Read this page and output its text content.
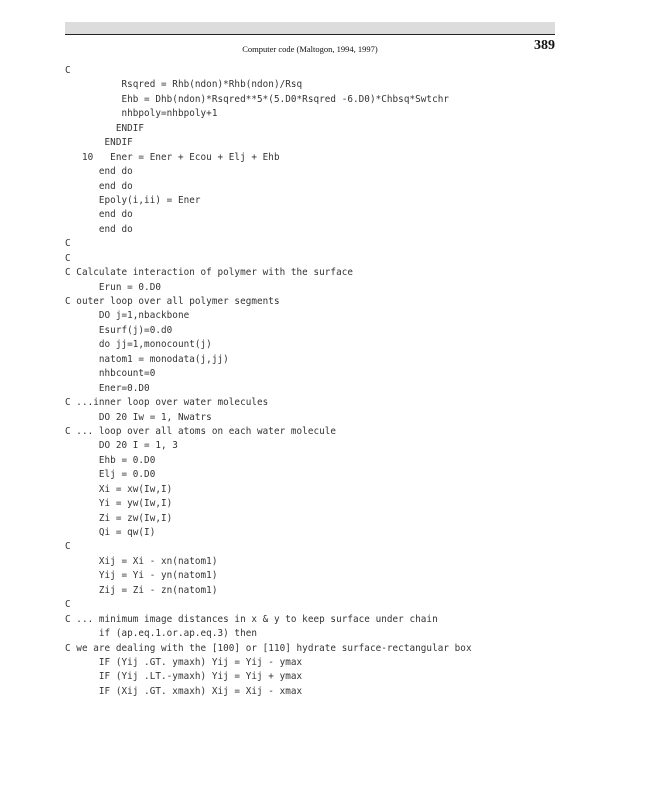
Computer code (Maltogon, 1994, 1997)	389
C
Rsqred = Rhb(ndon)*Rhb(ndon)/Rsq
Ehb = Dhb(ndon)*Rsqred**5*(5.D0*Rsqred -6.D0)*Chbsq*Swtchr
nhbpoly=nhbpoly+1
ENDIF
ENDIF
10   Ener = Ener + Ecou + Elj + Ehb
end do
end do
Epoly(i,ii) = Ener
end do
end do
C
C
C Calculate interaction of polymer with the surface
Erun = 0.D0
C outer loop over all polymer segments
DO j=1,nbackbone
Esurf(j)=0.d0
do jj=1,monocount(j)
natom1 = monodata(j,jj)
nhbcount=0
Ener=0.D0
C ...inner loop over water molecules
DO 20 Iw = 1, Nwatrs
C ... loop over all atoms on each water molecule
DO 20 I = 1, 3
Ehb = 0.D0
Elj = 0.D0
Xi = xw(Iw,I)
Yi = yw(Iw,I)
Zi = zw(Iw,I)
Qi = qw(I)
C
Xij = Xi - xn(natom1)
Yij = Yi - yn(natom1)
Zij = Zi - zn(natom1)
C
C ... minimum image distances in x & y to keep surface under chain
if (ap.eq.1.or.ap.eq.3) then
C we are dealing with the [100] or [110] hydrate surface-rectangular box
IF (Yij .GT. ymaxh) Yij = Yij - ymax
IF (Yij .LT.-ymaxh) Yij = Yij + ymax
IF (Xij .GT. xmaxh) Xij = Xij - xmax
